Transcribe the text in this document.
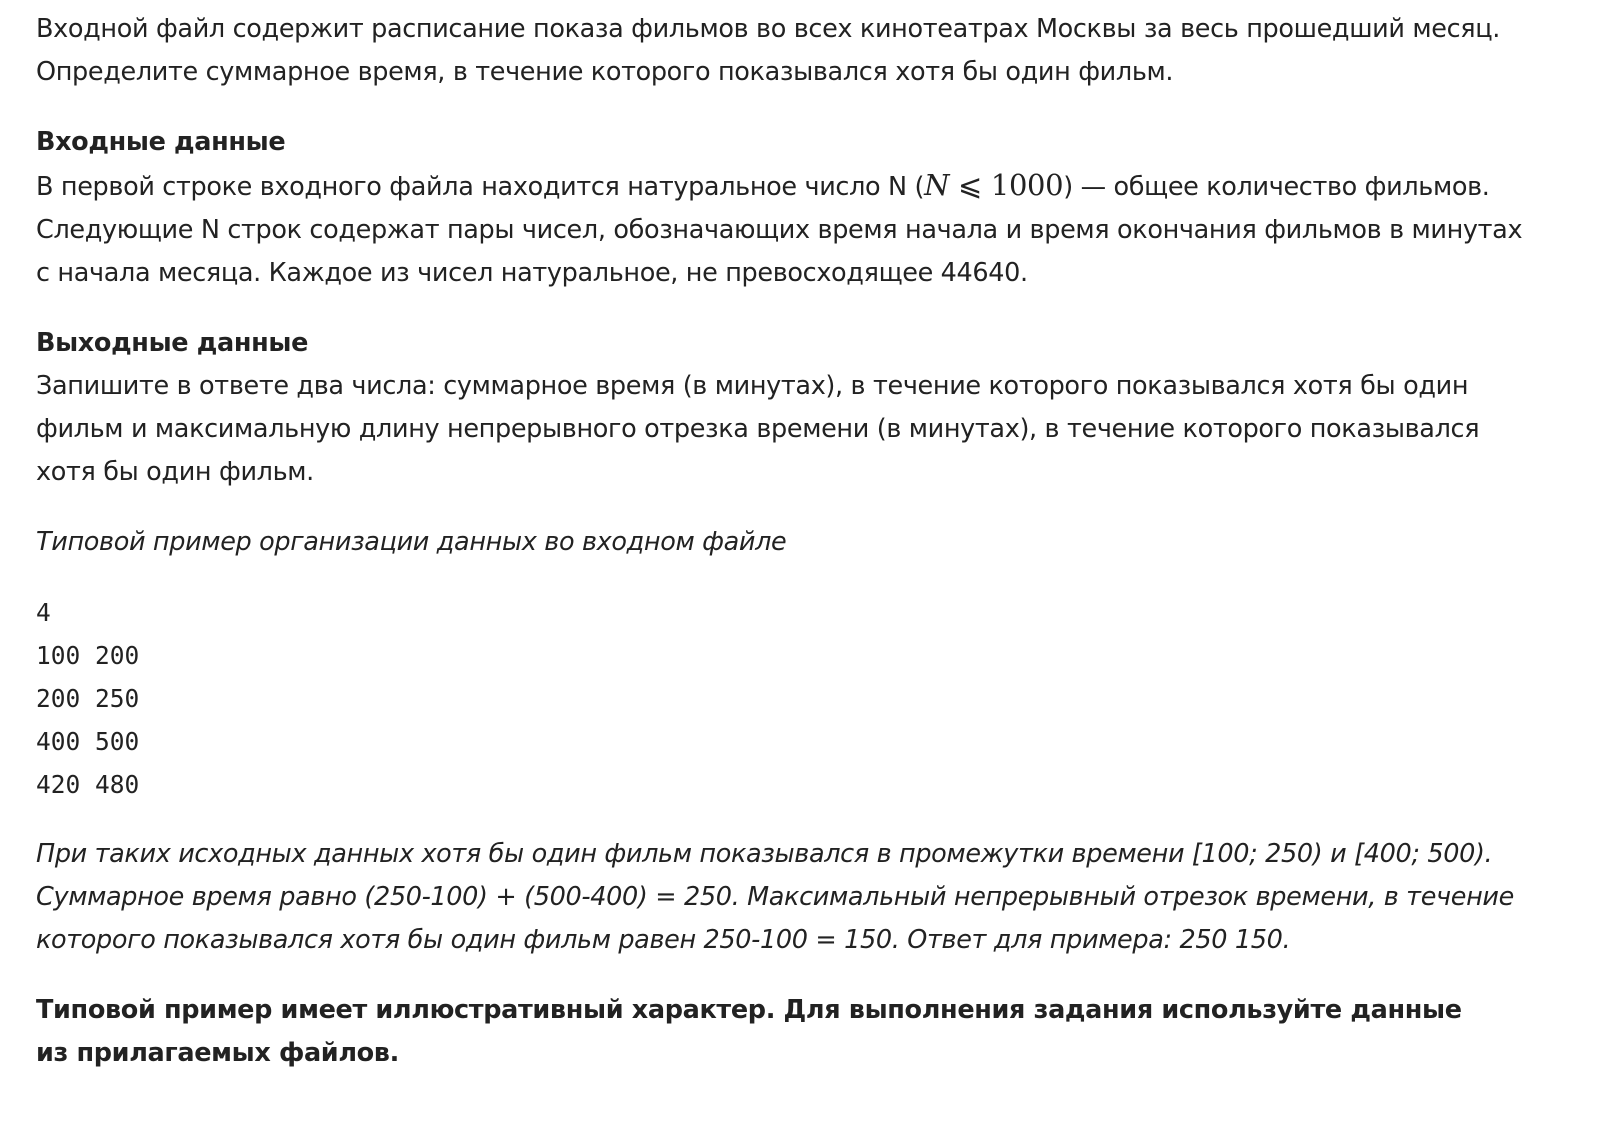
Входной файл содержит расписание показа фильмов во всех кинотеатрах Москвы за весь прошедший месяц.
Определите суммарное время, в течение которого показывался хотя бы один фильм.
Входные данные
В первой строке входного файла находится натуральное число N (N ⩽ 1000) — общее количество фильмов.
Следующие N строк содержат пары чисел, обозначающих время начала и время окончания фильмов в минутах
с начала месяца. Каждое из чисел натуральное, не превосходящее 44640.
Выходные данные
Запишите в ответе два числа: суммарное время (в минутах), в течение которого показывался хотя бы один
фильм и максимальную длину непрерывного отрезка времени (в минутах), в течение которого показывался
хотя бы один фильм.
Типовой пример организации данных во входном файле
4
100 200
200 250
400 500
420 480
При таких исходных данных хотя бы один фильм показывался в промежутки времени [100; 250) и [400; 500).
Суммарное время равно (250-100) + (500-400) = 250. Максимальный непрерывный отрезок времени, в течение
которого показывался хотя бы один фильм равен 250-100 = 150. Ответ для примера: 250 150.
Типовой пример имеет иллюстративный характер. Для выполнения задания используйте данные
из прилагаемых файлов.
